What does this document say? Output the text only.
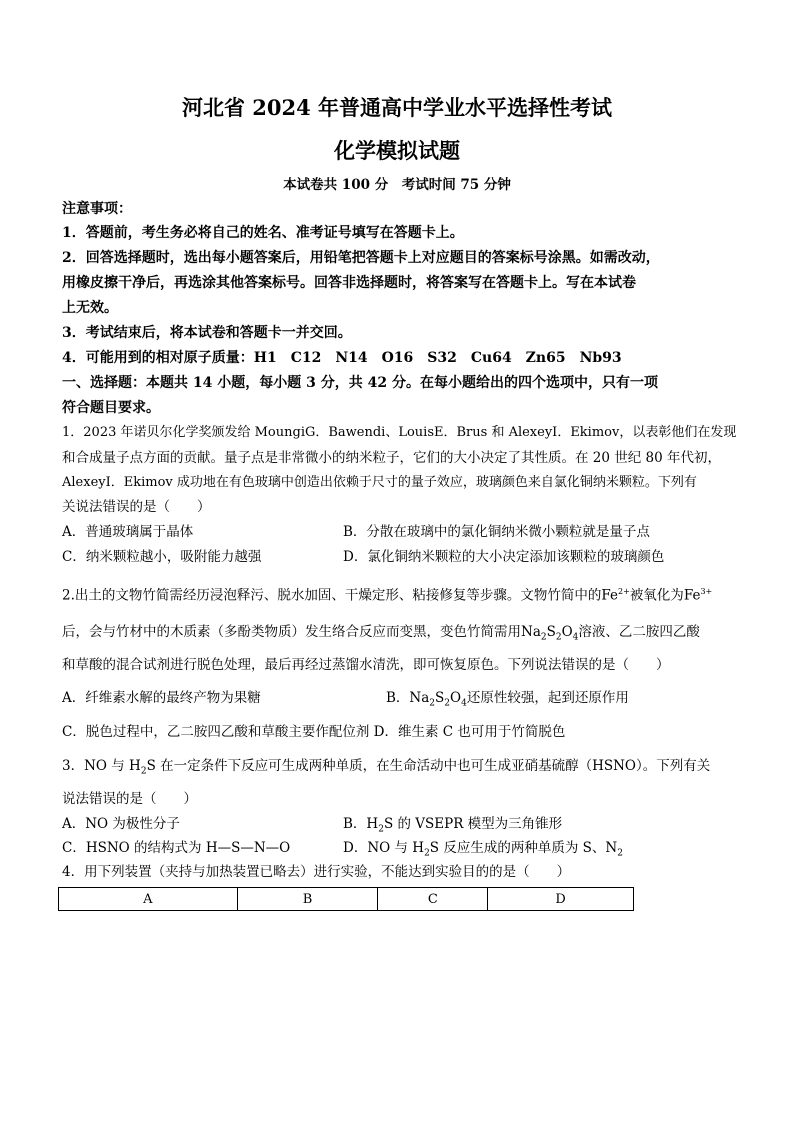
河北省 2024 年普通高中学业水平选择性考试
化学模拟试题
本试卷共 100 分　考试时间 75 分钟
注意事项：
1．答题前，考生务必将自己的姓名、准考证号填写在答题卡上。
2．回答选择题时，选出每小题答案后，用铅笔把答题卡上对应题目的答案标号涂黑。如需改动，
用橡皮擦干净后，再选涂其他答案标号。回答非选择题时，将答案写在答题卡上。写在本试卷
上无效。
3．考试结束后，将本试卷和答题卡一并交回。
4．可能用到的相对原子质量：H1　C12　N14　O16　S32　Cu64　Zn65　Nb93
一、选择题：本题共 14 小题，每小题 3 分，共 42 分。在每小题给出的四个选项中，只有一项
符合题目要求。
1．2023 年诺贝尔化学奖颁发给 MoungiG．Bawendi、LouisE．Brus 和 AlexeyI．Ekimov，以表彰他们在发现
和合成量子点方面的贡献。量子点是非常微小的纳米粒子，它们的大小决定了其性质。在 20 世纪 80 年代初，
AlexeyI．Ekimov 成功地在有色玻璃中创造出依赖于尺寸的量子效应，玻璃颜色来自氯化铜纳米颗粒。下列有
关说法错误的是（　　）
A．普通玻璃属于晶体	B．分散在玻璃中的氯化铜纳米微小颗粒就是量子点
C．纳米颗粒越小，吸附能力越强	D．氯化铜纳米颗粒的大小决定添加该颗粒的玻璃颜色
2.出土的文物竹简需经历浸泡释污、脱水加固、干燥定形、粘接修复等步骤。文物竹简中的$Fe^{2+}$被氧化为$Fe^{3+}$
后，会与竹材中的木质素（多酚类物质）发生络合反应而变黑，变色竹简需用$Na_2S_2O_4$溶液、乙二胺四乙酸
和草酸的混合试剂进行脱色处理，最后再经过蒸馏水清洗，即可恢复原色。下列说法错误的是（　　）
A．纤维素水解的最终产物为果糖	B．$Na_2S_2O_4$还原性较强，起到还原作用
C．脱色过程中，乙二胺四乙酸和草酸主要作配位剂 D．维生素 C 也可用于竹简脱色
3．NO 与 $H_2S$ 在一定条件下反应可生成两种单质，在生命活动中也可生成亚硝基硫醇（HSNO）。下列有关
说法错误的是（　　）
A．NO 为极性分子	B．$H_2S$ 的 VSEPR 模型为三角锥形
C．HSNO 的结构式为 H—S—N—O	D．NO 与 $H_2S$ 反应生成的两种单质为 S、$N_2$
4．用下列装置（夹持与加热装置已略去）进行实验，不能达到实验目的的是（　　）
A	B	C	D
